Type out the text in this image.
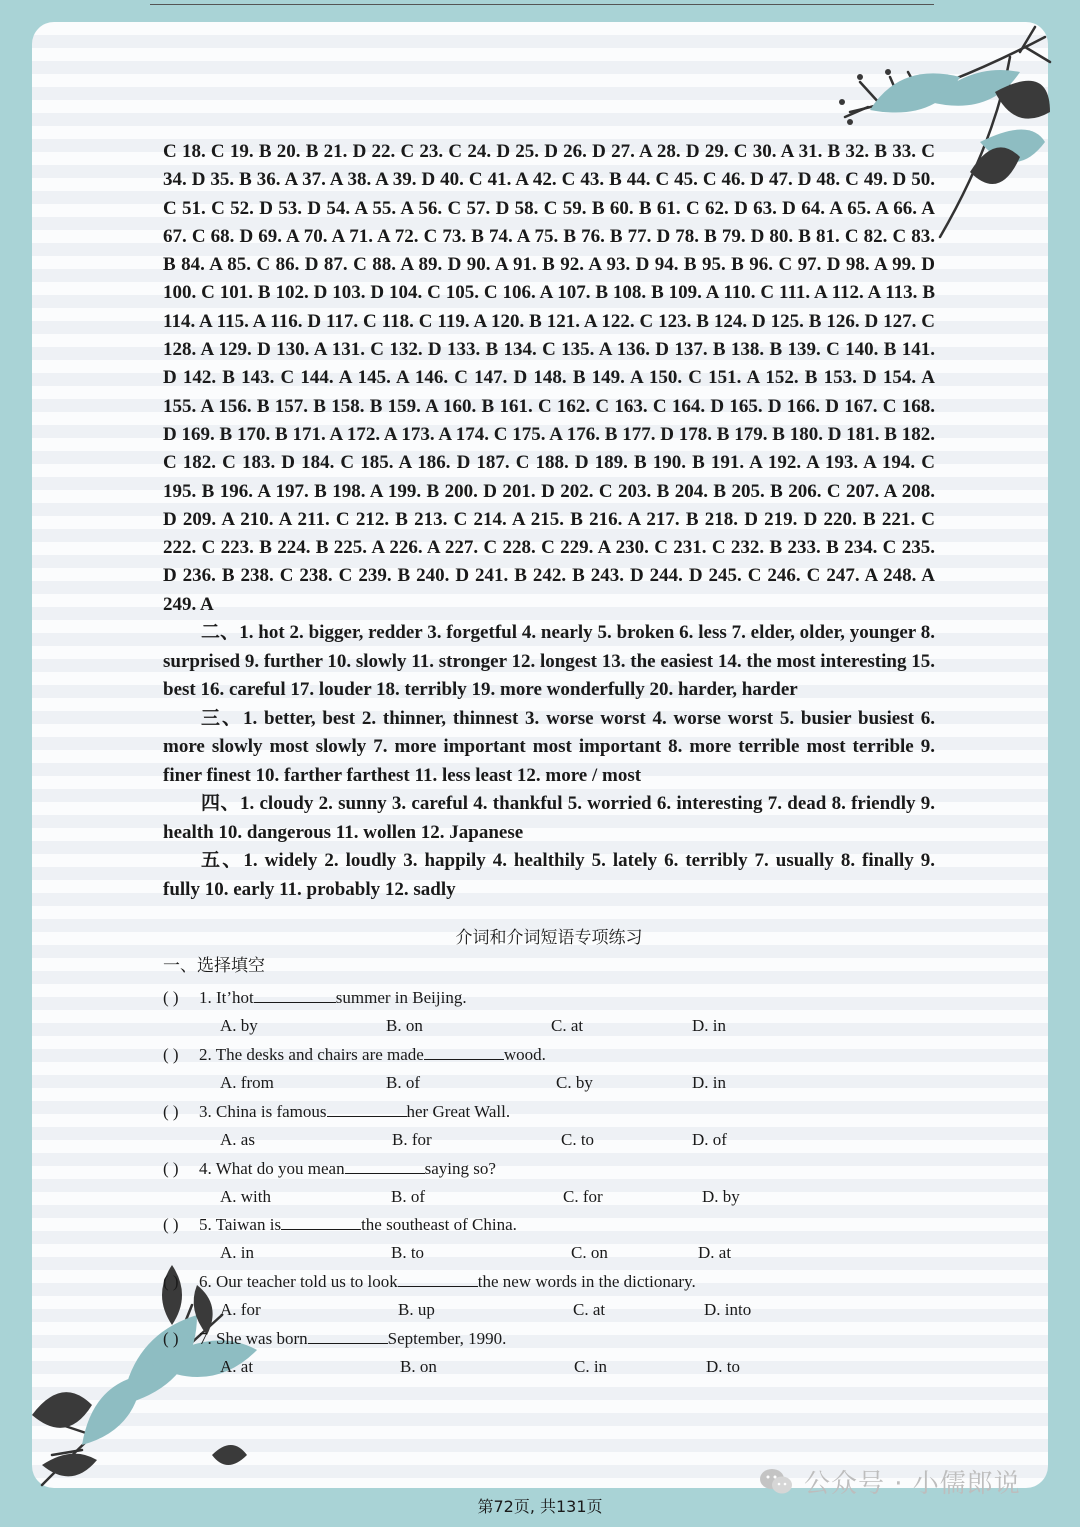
C 18. C 19. B 20. B 21. D 22. C 23. C 24. D 25. D 26. D 27. A 28. D 29. C 30. A 31. B 32. B 33. C 34. D 35. B 36. A 37. A 38. A 39. D 40. C 41. A 42. C 43. B 44. C 45. C 46. D 47. D 48. C 49. D 50. C 51. C 52. D 53. D 54. A 55. A 56. C 57. D 58. C 59. B 60. B 61. C 62. D 63. D 64. A 65. A 66. A 67. C 68. D 69. A 70. A 71. A 72. C 73. B 74. A 75. B 76. B 77. D 78. B 79. D 80. B 81. C 82. C 83. B 84. A 85. C 86. D 87. C 88. A 89. D 90. A 91. B 92. A 93. D 94. B 95. B 96. C 97. D 98. A 99. D 100. C 101. B 102. D 103. D 104. C 105. C 106. A 107. B 108. B 109. A 110. C 111. A 112. A 113. B 114. A 115. A 116. D 117. C 118. C 119. A 120. B 121. A 122. C 123. B 124. D 125. B 126. D 127. C 128. A 129. D 130. A 131. C 132. D 133. B 134. C 135. A 136. D 137. B 138. B 139. C 140. B 141. D 142. B 143. C 144. A 145. A 146. C 147. D 148. B 149. A 150. C 151. A 152. B 153. D 154. A 155. A 156. B 157. B 158. B 159. A 160. B 161. C 162. C 163. C 164. D 165. D 166. D 167. C 168. D 169. B 170. B 171. A 172. A 173. A 174. C 175. A 176. B 177. D 178. B 179. B 180. D 181. B 182. C 182. C 183. D 184. C 185. A 186. D 187. C 188. D 189. B 190. B 191. A 192. A 193. A 194. C 195. B 196. A 197. B 198. A 199. B 200. D 201. D 202. C 203. B 204. B 205. B 206. C 207. A 208. D 209. A 210. A 211. C 212. B 213. C 214. A 215. B 216. A 217. B 218. D 219. D 220. B 221. C 222. C 223. B 224. B 225. A 226. A 227. C 228. C 229. A 230. C 231. C 232. B 233. B 234. C 235. D 236. B 238. C 238. C 239. B 240. D 241. B 242. B 243. D 244. D 245. C 246. C 247. A 248. A 249. A

二、1. hot 2. bigger, redder 3. forgetful 4. nearly 5. broken 6. less 7. elder, older, younger 8. surprised 9. further 10. slowly 11. stronger 12. longest 13. the easiest 14. the most interesting 15. best 16. careful 17. louder 18. terribly 19. more wonderfully 20. harder, harder

三、1. better, best 2. thinner, thinnest 3. worse worst 4. worse worst 5. busier busiest 6. more slowly most slowly 7. more important most important 8. more terrible most terrible 9. finer finest 10. farther farthest 11. less least 12. more / most

四、1. cloudy 2. sunny 3. careful 4. thankful 5. worried 6. interesting 7. dead 8. friendly 9. health 10. dangerous 11. wollen 12. Japanese

五、1. widely 2. loudly 3. happily 4. healthily 5. lately 6. terribly 7. usually 8. finally 9. fully 10. early 11. probably 12. sadly

介词和介词短语专项练习

一、选择填空

( ) 1. It’hot	summer in Beijing.
A. by	B. on	C. at	D. in
( ) 2. The desks and chairs are made	wood.
A. from	B. of	C. by	D. in
( ) 3. China is famous	her Great Wall.
A. as	B. for	C. to	D. of
( ) 4. What do you mean	saying so?
A. with	B. of	C. for	D. by
( ) 5. Taiwan is	the southeast of China.
A. in	B. to	C. on	D. at
( ) 6. Our teacher told us to look	the new words in the dictionary.
A. for	B. up	C. at	D. into
( ) 7. She was born	September, 1990.
A. at	B. on	C. in	D. to
公众号 · 小儒郎说
第72页, 共131页
